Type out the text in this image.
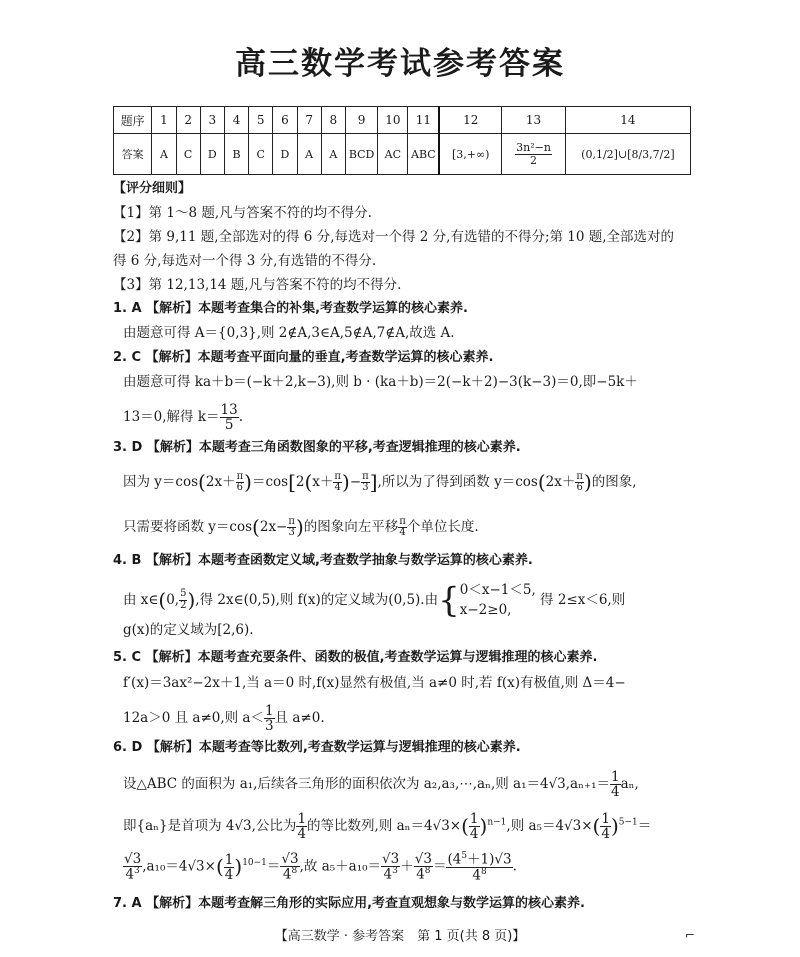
高三数学考试参考答案
题序	1	2	3	4	5	6	7	8	9	10	11	12	13	14
答案	A	C	D	B	C	D	A	A	BCD	AC	ABC	[3,+∞)	$\frac{\text{3n²−n}}{2}$	(0,1/2]∪[8/3,7/2]
【评分细则】
【1】第 1～8 题,凡与答案不符的均不得分.
【2】第 9,11 题,全部选对的得 6 分,每选对一个得 2 分,有选错的不得分;第 10 题,全部选对的
得 6 分,每选对一个得 3 分,有选错的不得分.
【3】第 12,13,14 题,凡与答案不符的均不得分.
1. A 【解析】本题考查集合的补集,考查数学运算的核心素养.
由题意可得 A＝{0,3},则 2∉A,3∈A,5∉A,7∉A,故选 A.
2. C 【解析】本题考查平面向量的垂直,考查数学运算的核心素养.
由题意可得 ka＋b＝(−k＋2,k−3),则 b · (ka＋b)＝2(−k＋2)−3(k−3)＝0,即−5k＋
13＝0,解得 $k= \frac{13}{5}$ .
3. D 【解析】本题考查三角函数图象的平移,考查逻辑推理的核心素养.
因为 $y=\cos(2x+ \frac{\pi}{6} )=\cos[2(x+ \frac{\pi}{4}$ )− $\frac{\pi}{3}$ ],所以为了得到函数 $y=\cos(2x+ \frac{\pi}{6}$ )的图象,
只需要将函数 $y=\cos(2x- \frac{\pi}{3}$ )的图象向左平移 $\frac{\pi}{4}$ 个单位长度.
4. B 【解析】本题考查函数定义域,考查数学抽象与数学运算的核心素养.
由 x∈(0, $\frac{5}{2}$ ),得 2x∈(0,5),则 f(x)的定义域为(0,5).由{ 0＜x−1＜5,
x−2≥0,
得 2≤x＜6,则
g(x)的定义域为[2,6).
5. C 【解析】本题考查充要条件、函数的极值,考查数学运算与逻辑推理的核心素养.
f′(x)＝3ax²−2x＋1,当 a＝0 时,f(x)显然有极值,当 a≠0 时,若 f(x)有极值,则 Δ＝4−
12a＞0 且 a≠0,则 $a< \frac{1}{3}$ 且 a≠0.
6. D 【解析】本题考查等比数列,考查数学运算与逻辑推理的核心素养.
设△ABC 的面积为 a₁,后续各三角形的面积依次为 a₂,a₃,⋯,aₙ,则 $a_1=4√3,a_{n+1}= \frac{1}{4} a_n$,
即{aₙ}是首项为 4√3,公比为 $\frac{1}{4}$ 的等比数列,则 $a_n=4√3\times( \frac{1}{4} )^{n-1}$,则 $a_5=4√3\times( \frac{1}{4} )^{5-1}=$
$\frac{√3}{4^3} ,a_{10}=4√3\times( \frac{1}{4} )^{10-1}= \frac{√3}{4^8}$ ,故 $a_5+a_{10}= \frac{√3}{4^3} + \frac{√3}{4^8} = \frac{(4^5+1)√3}{4^8}$ .
7. A 【解析】本题考查解三角形的实际应用,考查直观想象与数学运算的核心素养.
【高三数学 · 参考答案　第 1 页(共 8 页)】	⌐
